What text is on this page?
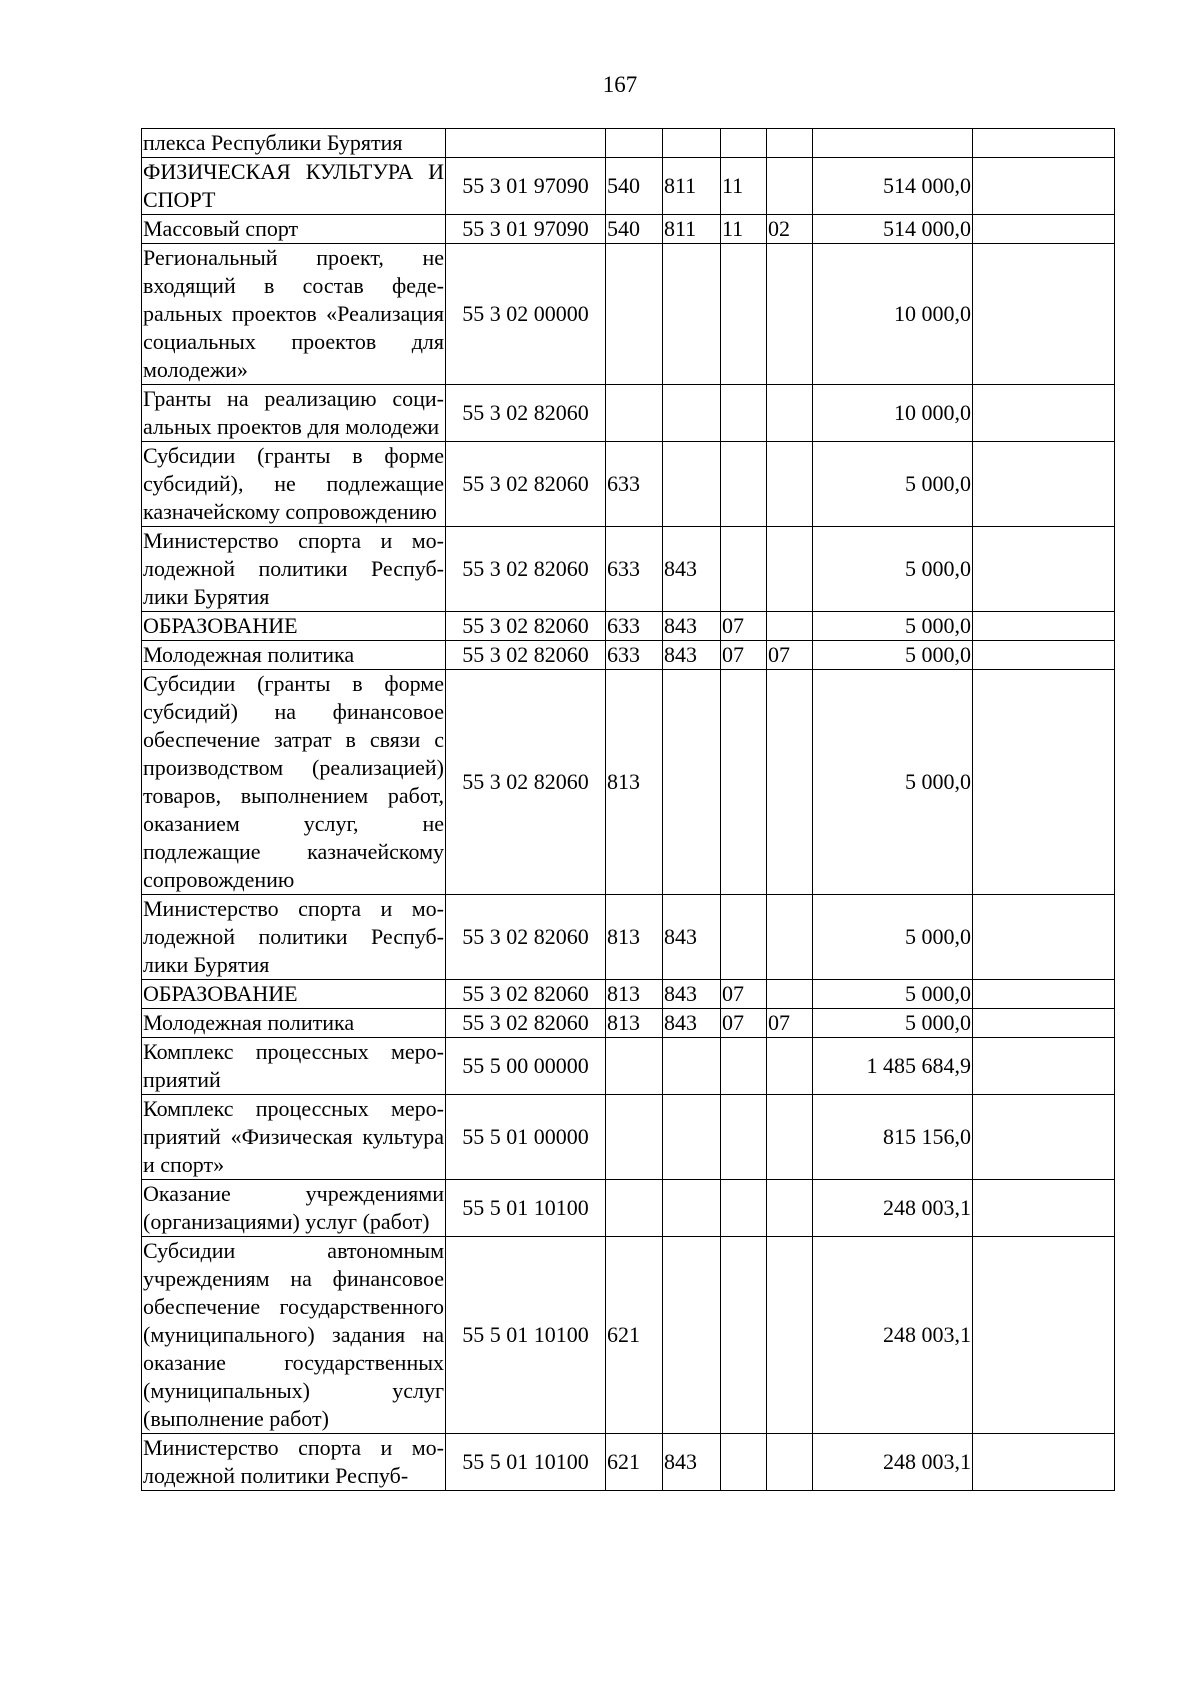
167
плекса Республики Бурятия							
ФИЗИЧЕСКАЯ КУЛЬТУРА И СПОРТ	55 3 01 97090	540	811	11		514 000,0	
Массовый спорт	55 3 01 97090	540	811	11	02	514 000,0	
Региональный проект, не входящий в состав федеральных проектов «Реализация социальных проектов для молодежи»	55 3 02 00000					10 000,0	
Гранты на реализацию социальных проектов для молодежи	55 3 02 82060					10 000,0	
Субсидии (гранты в форме субсидий), не подлежащие казначейскому сопровождению	55 3 02 82060	633				5 000,0	
Министерство спорта и молодежной политики Республики Бурятия	55 3 02 82060	633	843			5 000,0	
ОБРАЗОВАНИЕ	55 3 02 82060	633	843	07		5 000,0	
Молодежная политика	55 3 02 82060	633	843	07	07	5 000,0	
Субсидии (гранты в форме субсидий) на финансовое обеспечение затрат в связи с производством (реализацией) товаров, выполнением работ, оказанием услуг, не подлежащие казначейскому сопровождению	55 3 02 82060	813				5 000,0	
Министерство спорта и молодежной политики Республики Бурятия	55 3 02 82060	813	843			5 000,0	
ОБРАЗОВАНИЕ	55 3 02 82060	813	843	07		5 000,0	
Молодежная политика	55 3 02 82060	813	843	07	07	5 000,0	
Комплекс процессных мероприятий	55 5 00 00000					1 485 684,9	
Комплекс процессных мероприятий «Физическая культура и спорт»	55 5 01 00000					815 156,0	
Оказание учреждениями (организациями) услуг (работ)	55 5 01 10100					248 003,1	
Субсидии автономным учреждениям на финансовое обеспечение государственного (муниципального) задания на оказание государственных (муниципальных) услуг (выполнение работ)	55 5 01 10100	621				248 003,1	
Министерство спорта и молодежной политики Респуб-	55 5 01 10100	621	843			248 003,1	
